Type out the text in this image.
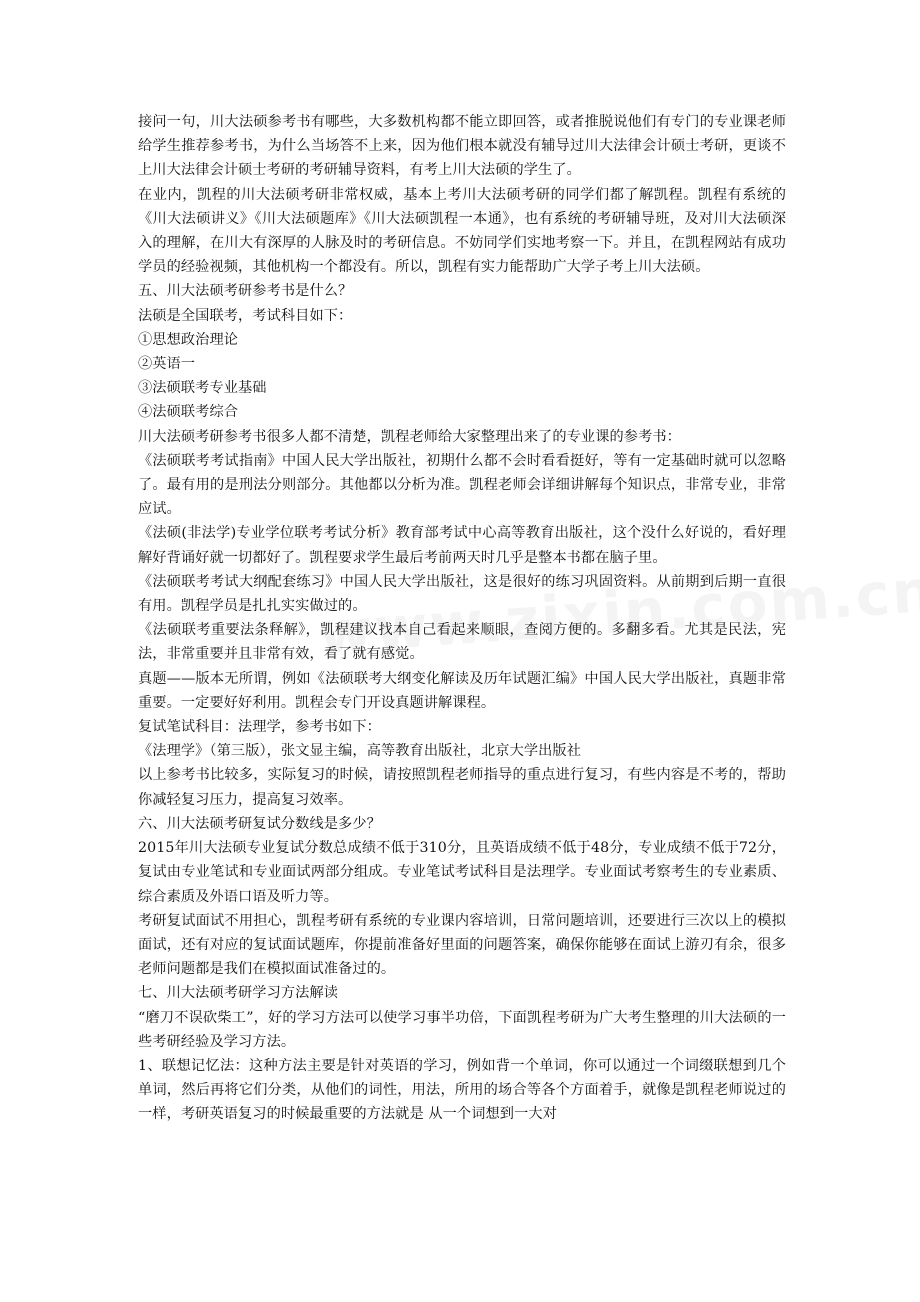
接问一句，川大法硕参考书有哪些，大多数机构都不能立即回答，或者推脱说他们有专门的专业课老师给学生推荐参考书，为什么当场答不上来，因为他们根本就没有辅导过川大法律会计硕士考研，更谈不上川大法律会计硕士考研的考研辅导资料，有考上川大法硕的学生了。

在业内，凯程的川大法硕考研非常权威，基本上考川大法硕考研的同学们都了解凯程。凯程有系统的《川大法硕讲义》《川大法硕题库》《川大法硕凯程一本通》，也有系统的考研辅导班，及对川大法硕深入的理解，在川大有深厚的人脉及时的考研信息。不妨同学们实地考察一下。并且，在凯程网站有成功学员的经验视频，其他机构一个都没有。所以，凯程有实力能帮助广大学子考上川大法硕。

五、川大法硕考研参考书是什么？

法硕是全国联考，考试科目如下：

①思想政治理论

②英语一

③法硕联考专业基础

④法硕联考综合

川大法硕考研参考书很多人都不清楚，凯程老师给大家整理出来了的专业课的参考书：

《法硕联考考试指南》中国人民大学出版社，初期什么都不会时看看挺好，等有一定基础时就可以忽略了。最有用的是刑法分则部分。其他都以分析为准。凯程老师会详细讲解每个知识点，非常专业，非常应试。

《法硕(非法学)专业学位联考考试分析》教育部考试中心高等教育出版社，这个没什么好说的，看好理解好背诵好就一切都好了。凯程要求学生最后考前两天时几乎是整本书都在脑子里。

《法硕联考考试大纲配套练习》中国人民大学出版社，这是很好的练习巩固资料。从前期到后期一直很有用。凯程学员是扎扎实实做过的。

《法硕联考重要法条释解》，凯程建议找本自己看起来顺眼，查阅方便的。多翻多看。尤其是民法，宪法，非常重要并且非常有效，看了就有感觉。

真题——版本无所谓，例如《法硕联考大纲变化解读及历年试题汇编》中国人民大学出版社，真题非常重要。一定要好好利用。凯程会专门开设真题讲解课程。

复试笔试科目：法理学，参考书如下：

《法理学》（第三版），张文显主编，高等教育出版社，北京大学出版社

以上参考书比较多，实际复习的时候，请按照凯程老师指导的重点进行复习，有些内容是不考的，帮助你减轻复习压力，提高复习效率。

六、川大法硕考研复试分数线是多少？

2015年川大法硕专业复试分数总成绩不低于310分，且英语成绩不低于48分，专业成绩不低于72分，复试由专业笔试和专业面试两部分组成。专业笔试考试科目是法理学。专业面试考察考生的专业素质、综合素质及外语口语及听力等。

考研复试面试不用担心，凯程考研有系统的专业课内容培训，日常问题培训，还要进行三次以上的模拟面试，还有对应的复试面试题库，你提前准备好里面的问题答案，确保你能够在面试上游刃有余，很多老师问题都是我们在模拟面试准备过的。

七、川大法硕考研学习方法解读

“磨刀不误砍柴工”，好的学习方法可以使学习事半功倍，下面凯程考研为广大考生整理的川大法硕的一些考研经验及学习方法。

1、联想记忆法：这种方法主要是针对英语的学习，例如背一个单词，你可以通过一个词缀联想到几个单词，然后再将它们分类，从他们的词性，用法，所用的场合等各个方面着手，就像是凯程老师说过的一样，考研英语复习的时候最重要的方法就是 从一个词想到一大对
